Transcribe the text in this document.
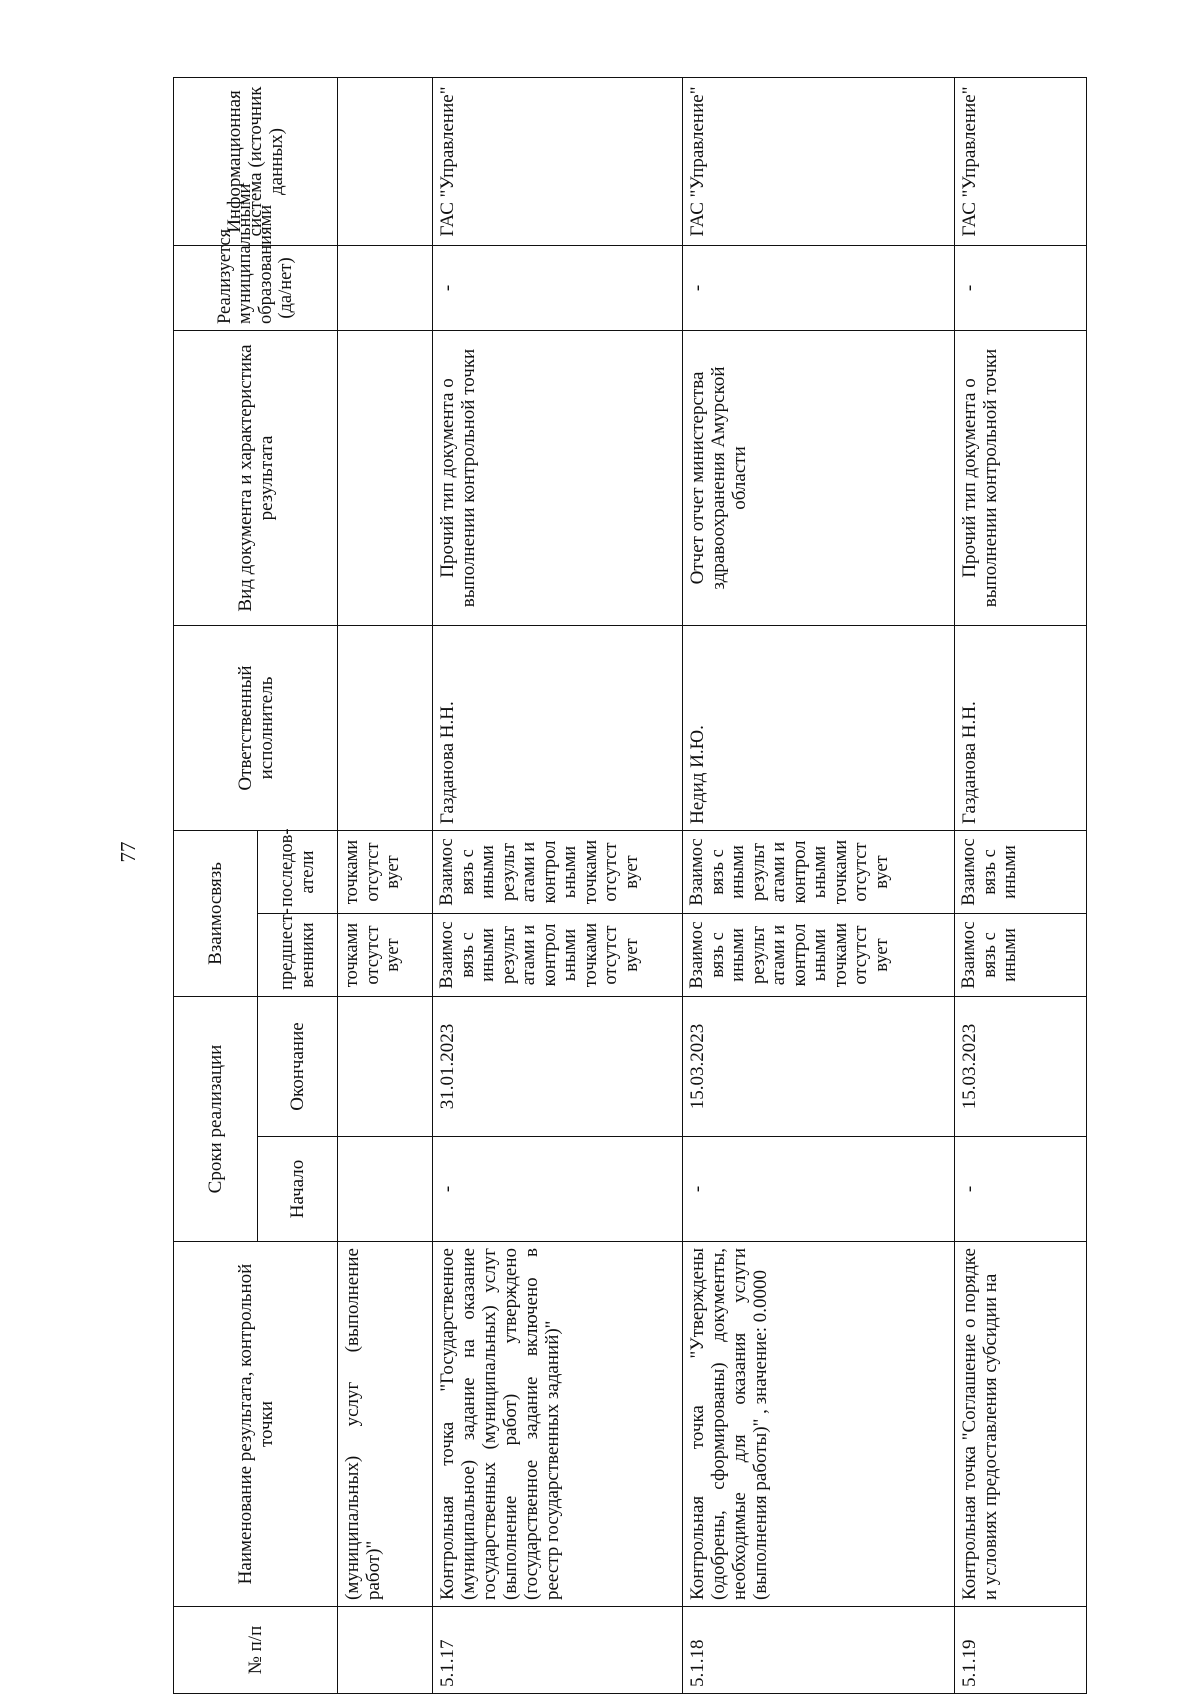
77
№ п/п	Наименование результата, контрольной точки	Сроки реализации		Взаимосвязь		Ответственный исполнитель	Вид документа и характеристика результата	Реализуется муниципальными образованиями (да/нет)	Информационная система (источник данных)
		Начало	Окончание	предшественники	последователи				
	(муниципальных) услуг (выполнение работ)"			точками отсутст вует	точками отсутст вует				
5.1.17	Контрольная точка "Государственное (муниципальное) задание на оказание государственных (муниципальных) услуг (выполнение работ) утверждено (государственное задание включено в реестр государственных заданий)"	-	31.01.2023	Взаимос вязь с иными результ атами и контрол ьными точками отсутст вует	Взаимос вязь с иными результ атами и контрол ьными точками отсутст вует	Газданова Н.Н.	Прочий тип документа о выполнении контрольной точки	-	ГАС "Управление"
5.1.18	Контрольная точка "Утверждены (одобрены, сформированы) документы, необходимые для оказания услуги (выполнения работы)" , значение: 0.0000	-	15.03.2023	Взаимос вязь с иными результ атами и контрол ьными точками отсутст вует	Взаимос вязь с иными результ атами и контрол ьными точками отсутст вует	Недид И.Ю.	Отчет отчет министерства здравоохранения Амурской области	-	ГАС "Управление"
5.1.19	Контрольная точка "Соглашение о порядке и условиях предоставления субсидии на	-	15.03.2023	Взаимос вязь с иными	Взаимос вязь с иными	Газданова Н.Н.	Прочий тип документа о выполнении контрольной точки	-	ГАС "Управление"
